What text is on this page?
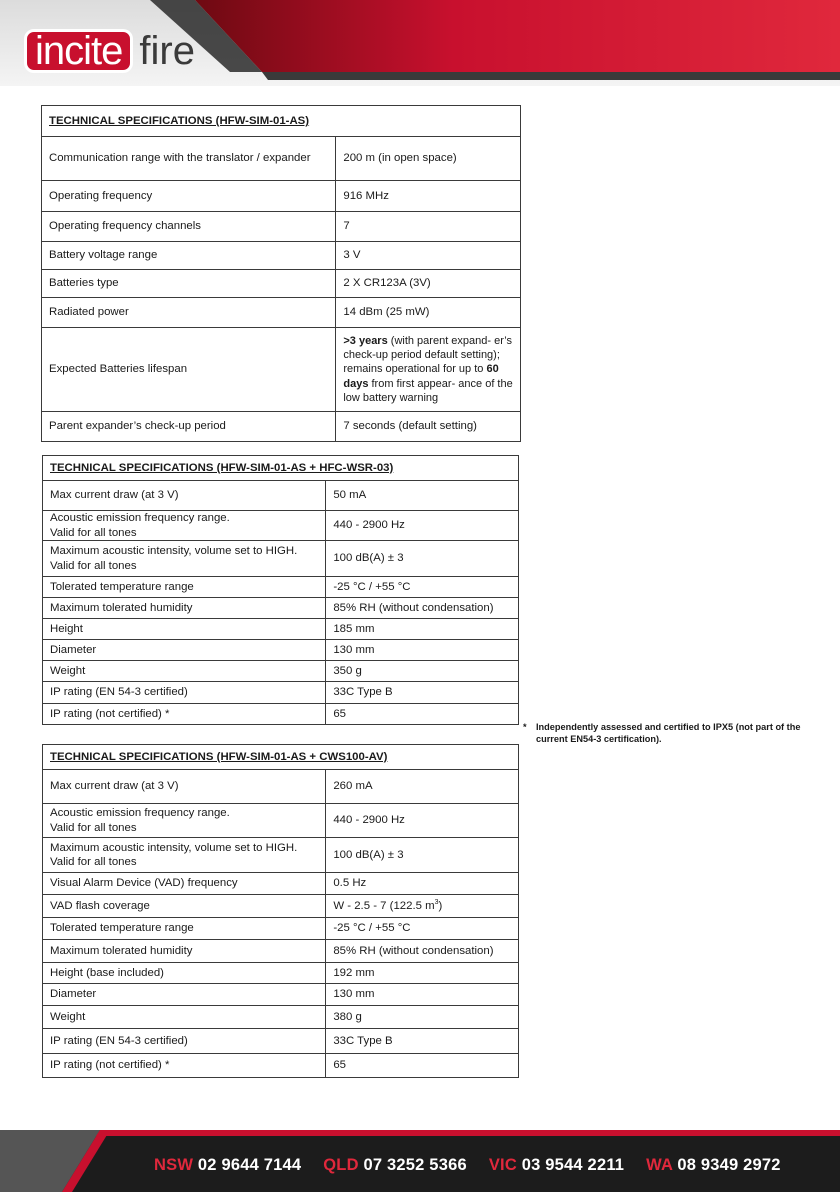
incite fire
TECHNICAL SPECIFICATIONS (HFW-SIM-01-AS)	
Communication range with the translator / expander	200 m (in open space)
Operating frequency	916 MHz
Operating frequency channels	7
Battery voltage range	3 V
Batteries type	2 X CR123A (3V)
Radiated power	14 dBm (25 mW)
Expected Batteries lifespan	>3 years (with parent expand- er’s check-up period default setting); remains operational for up to 60 days from first appear- ance of the low battery warning
Parent expander’s check-up period	7 seconds (default setting)
TECHNICAL SPECIFICATIONS (HFW-SIM-01-AS + HFC-WSR-03)	
Max current draw (at 3 V)	50 mA
Acoustic emission frequency range.
Valid for all tones	440 - 2900 Hz
Maximum acoustic intensity, volume set to HIGH.
Valid for all tones	100 dB(A) ± 3
Tolerated temperature range	-25 °C / +55 °C
Maximum tolerated humidity	85% RH (without condensation)
Height	185 mm
Diameter	130 mm
Weight	350 g
IP rating (EN 54-3 certified)	33C Type B
IP rating (not certified) *	65
* Independently assessed and certified to IPX5 (not part of the current EN54-3 certification).
TECHNICAL SPECIFICATIONS (HFW-SIM-01-AS + CWS100-AV)	
Max current draw (at 3 V)	260 mA
Acoustic emission frequency range.
Valid for all tones	440 - 2900 Hz
Maximum acoustic intensity, volume set to HIGH.
Valid for all tones	100 dB(A) ± 3
Visual Alarm Device (VAD) frequency	0.5 Hz
VAD flash coverage	W - 2.5 - 7 (122.5 $m^3$)
Tolerated temperature range	-25 °C / +55 °C
Maximum tolerated humidity	85% RH (without condensation)
Height (base included)	192 mm
Diameter	130 mm
Weight	380 g
IP rating (EN 54-3 certified)	33C Type B
IP rating (not certified) *	65
NSW 02 9644 7144 QLD 07 3252 5366 VIC 03 9544 2211 WA 08 9349 2972
